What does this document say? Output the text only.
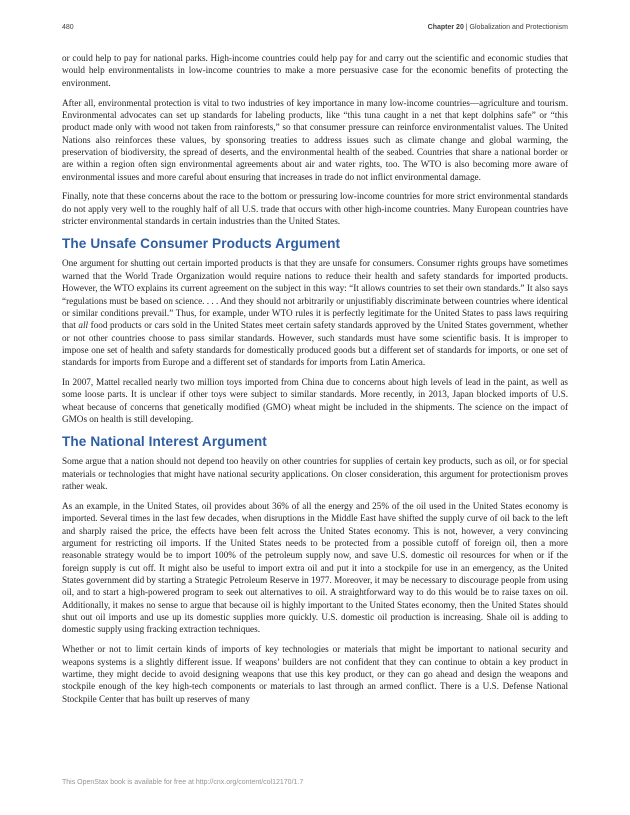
480	Chapter 20 | Globalization and Protectionism

or could help to pay for national parks. High-income countries could help pay for and carry out the scientific and economic studies that would help environmentalists in low-income countries to make a more persuasive case for the economic benefits of protecting the environment.

After all, environmental protection is vital to two industries of key importance in many low-income countries—agriculture and tourism. Environmental advocates can set up standards for labeling products, like “this tuna caught in a net that kept dolphins safe” or “this product made only with wood not taken from rainforests,” so that consumer pressure can reinforce environmentalist values. The United Nations also reinforces these values, by sponsoring treaties to address issues such as climate change and global warming, the preservation of biodiversity, the spread of deserts, and the environmental health of the seabed. Countries that share a national border or are within a region often sign environmental agreements about air and water rights, too. The WTO is also becoming more aware of environmental issues and more careful about ensuring that increases in trade do not inflict environmental damage.

Finally, note that these concerns about the race to the bottom or pressuring low-income countries for more strict environmental standards do not apply very well to the roughly half of all U.S. trade that occurs with other high-income countries. Many European countries have stricter environmental standards in certain industries than the United States.

The Unsafe Consumer Products Argument

One argument for shutting out certain imported products is that they are unsafe for consumers. Consumer rights groups have sometimes warned that the World Trade Organization would require nations to reduce their health and safety standards for imported products. However, the WTO explains its current agreement on the subject in this way: “It allows countries to set their own standards.” It also says “regulations must be based on science. . . . And they should not arbitrarily or unjustifiably discriminate between countries where identical or similar conditions prevail.” Thus, for example, under WTO rules it is perfectly legitimate for the United States to pass laws requiring that all food products or cars sold in the United States meet certain safety standards approved by the United States government, whether or not other countries choose to pass similar standards. However, such standards must have some scientific basis. It is improper to impose one set of health and safety standards for domestically produced goods but a different set of standards for imports, or one set of standards for imports from Europe and a different set of standards for imports from Latin America.

In 2007, Mattel recalled nearly two million toys imported from China due to concerns about high levels of lead in the paint, as well as some loose parts. It is unclear if other toys were subject to similar standards. More recently, in 2013, Japan blocked imports of U.S. wheat because of concerns that genetically modified (GMO) wheat might be included in the shipments. The science on the impact of GMOs on health is still developing.

The National Interest Argument

Some argue that a nation should not depend too heavily on other countries for supplies of certain key products, such as oil, or for special materials or technologies that might have national security applications. On closer consideration, this argument for protectionism proves rather weak.

As an example, in the United States, oil provides about 36% of all the energy and 25% of the oil used in the United States economy is imported. Several times in the last few decades, when disruptions in the Middle East have shifted the supply curve of oil back to the left and sharply raised the price, the effects have been felt across the United States economy. This is not, however, a very convincing argument for restricting oil imports. If the United States needs to be protected from a possible cutoff of foreign oil, then a more reasonable strategy would be to import 100% of the petroleum supply now, and save U.S. domestic oil resources for when or if the foreign supply is cut off. It might also be useful to import extra oil and put it into a stockpile for use in an emergency, as the United States government did by starting a Strategic Petroleum Reserve in 1977. Moreover, it may be necessary to discourage people from using oil, and to start a high-powered program to seek out alternatives to oil. A straightforward way to do this would be to raise taxes on oil. Additionally, it makes no sense to argue that because oil is highly important to the United States economy, then the United States should shut out oil imports and use up its domestic supplies more quickly. U.S. domestic oil production is increasing. Shale oil is adding to domestic supply using fracking extraction techniques.

Whether or not to limit certain kinds of imports of key technologies or materials that might be important to national security and weapons systems is a slightly different issue. If weapons’ builders are not confident that they can continue to obtain a key product in wartime, they might decide to avoid designing weapons that use this key product, or they can go ahead and design the weapons and stockpile enough of the key high-tech components or materials to last through an armed conflict. There is a U.S. Defense National Stockpile Center that has built up reserves of many

This OpenStax book is available for free at http://cnx.org/content/col12170/1.7
